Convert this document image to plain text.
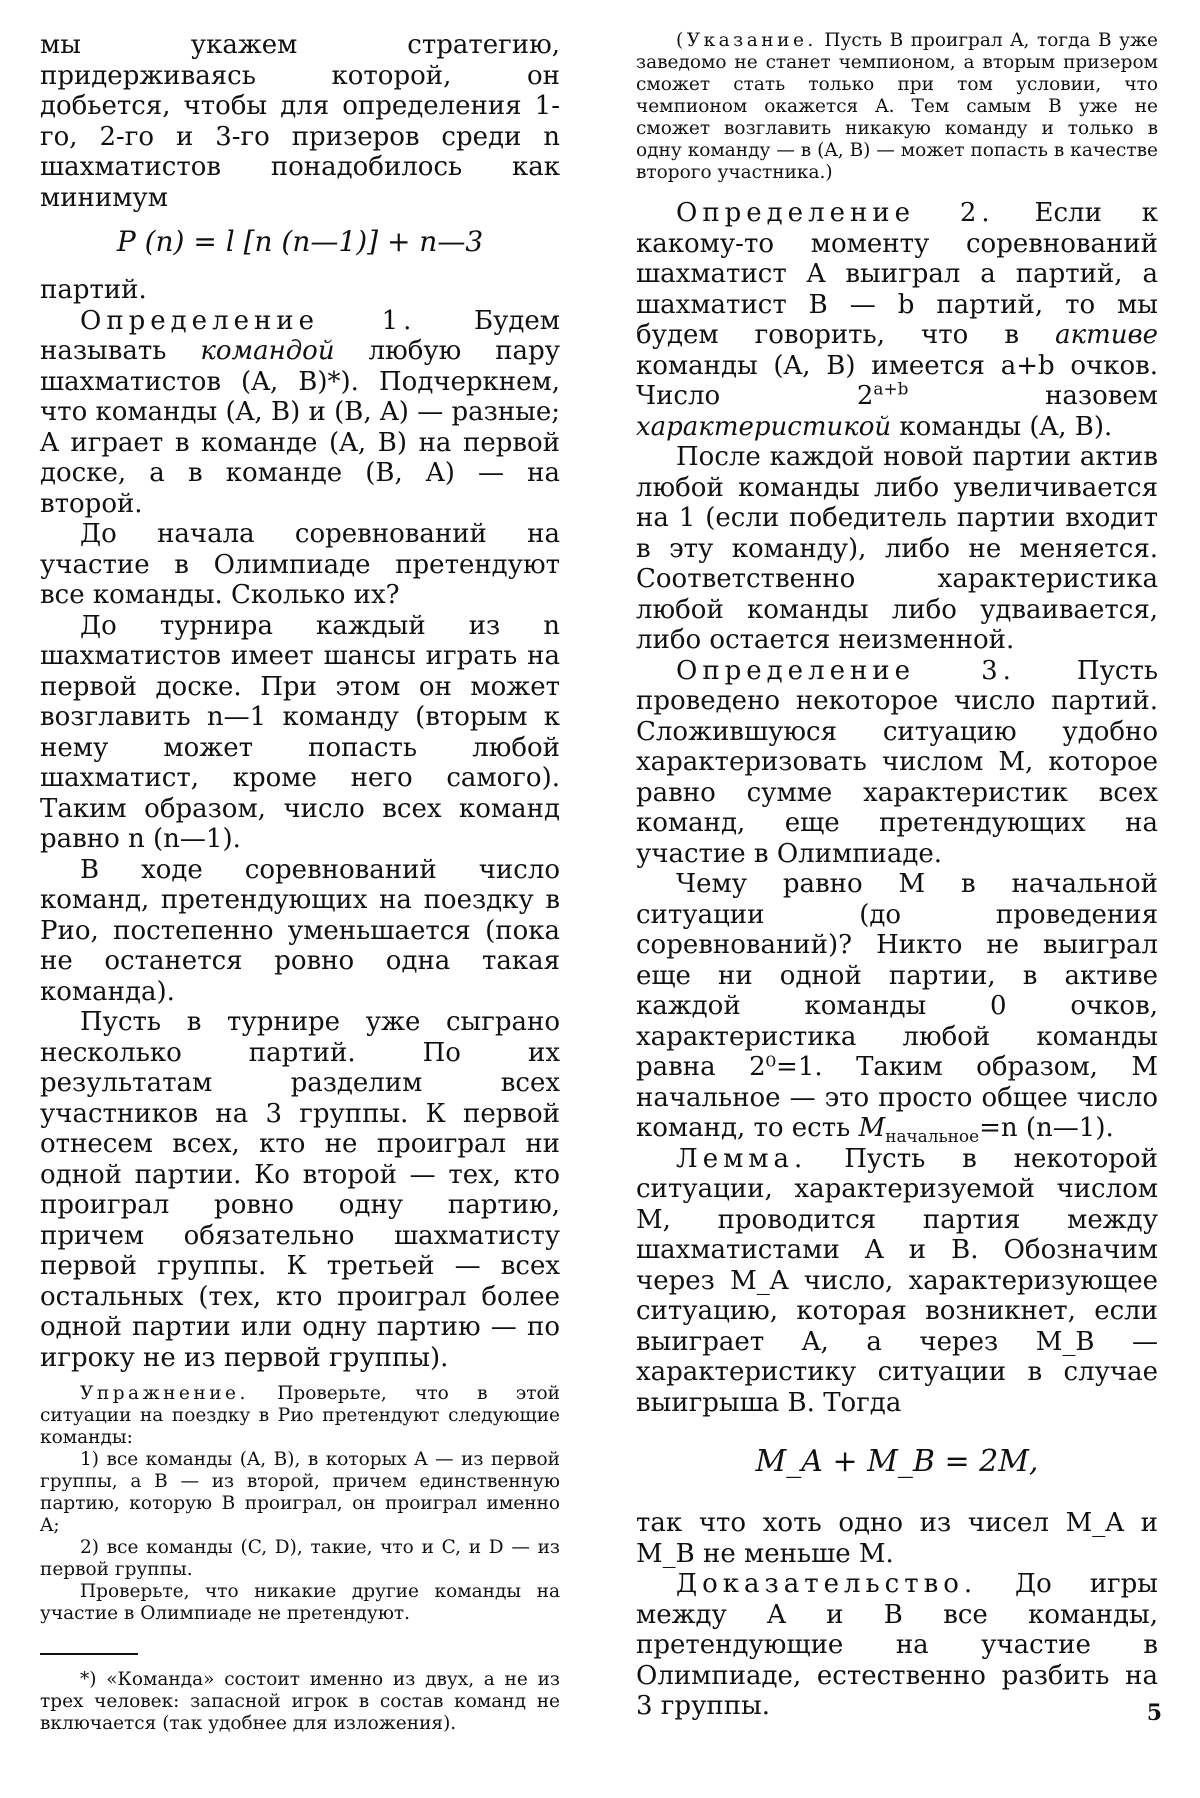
мы укажем стратегию, придерживаясь которой, он добьется, чтобы для определения 1-го, 2-го и 3-го призеров среди n шахматистов понадобилось как минимум

P (n) = l [n (n—1)] + n—3

партий.

Определение 1. Будем называть командой любую пару шахматистов (A, B)*). Подчеркнем, что команды (A, B) и (B, A) — разные; A играет в команде (A, B) на первой доске, а в команде (B, A) — на второй.

До начала соревнований на участие в Олимпиаде претендуют все команды. Сколько их?

До турнира каждый из n шахматистов имеет шансы играть на первой доске. При этом он может возглавить n—1 команду (вторым к нему может попасть любой шахматист, кроме него самого). Таким образом, число всех команд равно n (n—1).

В ходе соревнований число команд, претендующих на поездку в Рио, постепенно уменьшается (пока не останется ровно одна такая команда).

Пусть в турнире уже сыграно несколько партий. По их результатам разделим всех участников на 3 группы. К первой отнесем всех, кто не проиграл ни одной партии. Ко второй — тех, кто проиграл ровно одну партию, причем обязательно шахматисту первой группы. К третьей — всех остальных (тех, кто проиграл более одной партии или одну партию — по игроку не из первой группы).

Упражнение. Проверьте, что в этой ситуации на поездку в Рио претендуют следующие команды:

1) все команды (A, B), в которых A — из первой группы, а B — из второй, причем единственную партию, которую B проиграл, он проиграл именно A;

2) все команды (C, D), такие, что и C, и D — из первой группы.

Проверьте, что никакие другие команды на участие в Олимпиаде не претендуют.

*) «Команда» состоит именно из двух, а не из трех человек: запасной игрок в состав команд не включается (так удобнее для изложения).

(Указание. Пусть B проиграл A, тогда B уже заведомо не станет чемпионом, а вторым призером сможет стать только при том условии, что чемпионом окажется A. Тем самым B уже не сможет возглавить никакую команду и только в одну команду — в (A, B) — может попасть в качестве второго участника.)

Определение 2. Если к какому-то моменту соревнований шахматист A выиграл a партий, а шахматист B — b партий, то мы будем говорить, что в активе команды (A, B) имеется a+b очков. Число	$2^{a+b}$	назовем характеристикой команды (A, B).

После каждой новой партии актив любой команды либо увеличивается на 1 (если победитель партии входит в эту команду), либо не меняется. Соответственно характеристика любой команды либо удваивается, либо остается неизменной.

Определение 3. Пусть проведено некоторое число партий. Сложившуюся ситуацию удобно характеризовать числом M, которое равно сумме характеристик всех команд, еще претендующих на участие в Олимпиаде.

Чему равно M в начальной ситуации (до проведения соревнований)? Никто не выиграл еще ни одной партии, в активе каждой команды 0 очков, характеристика любой команды равна 2⁰=1. Таким образом, M начальное — это просто общее число команд, то есть $M_{начальное}=n$ (n—1).

Лемма. Пусть в некоторой ситуации, характеризуемой числом M, проводится партия между шахматистами A и B. Обозначим через M_A число, характеризующее ситуацию, которая возникнет, если выиграет A, а через M_B — характеристику ситуации в случае выигрыша B. Тогда

M_A + M_B = 2M,

так что хоть одно из чисел M_A и M_B не меньше M.

Доказательство. До игры между A и B все команды, претендующие на участие в Олимпиаде, естественно разбить на 3 группы.	5
